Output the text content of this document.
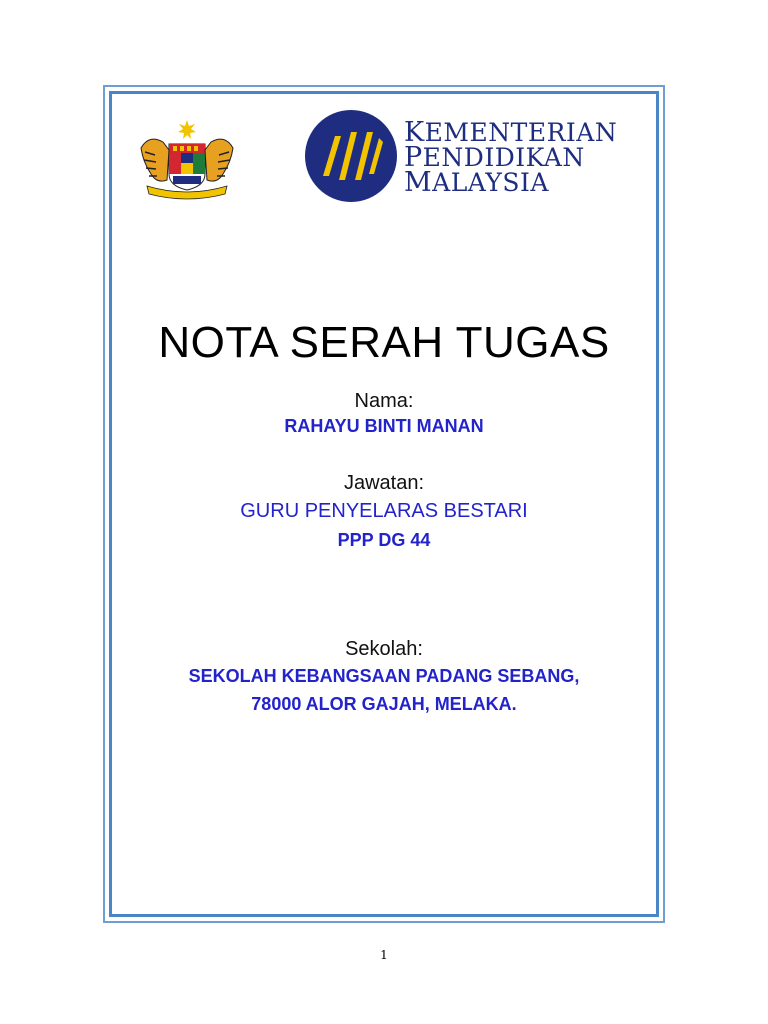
KEMENTERIAN
PENDIDIKAN
MALAYSIA
NOTA SERAH TUGAS
Nama:
RAHAYU BINTI MANAN
Jawatan:
GURU PENYELARAS BESTARI
PPP DG 44
Sekolah:
SEKOLAH KEBANGSAAN PADANG SEBANG,
78000 ALOR GAJAH, MELAKA.
1
